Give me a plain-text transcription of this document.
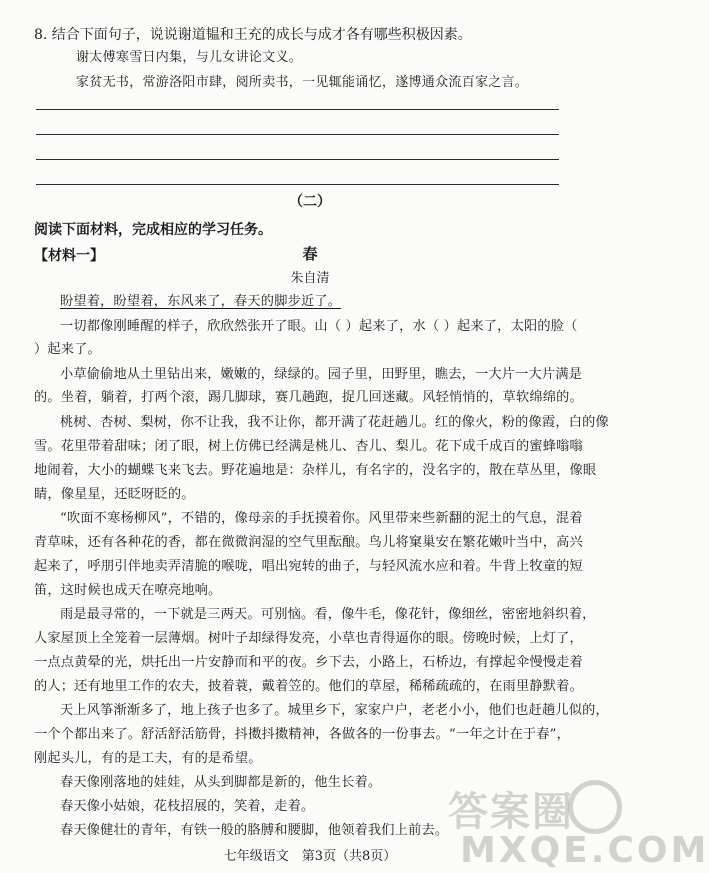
8. 结合下面句子，说说谢道韫和王充的成长与成才各有哪些积极因素。
谢太傅寒雪日内集，与儿女讲论文义。
家贫无书，常游洛阳市肆，阅所卖书，一见辄能诵忆，遂博通众流百家之言。
（二）
阅读下面材料，完成相应的学习任务。
【材料一】	春
朱自清
盼望着，盼望着，东风来了，春天的脚步近了。
一切都像刚睡醒的样子，欣欣然张开了眼。山（ ）起来了，水（ ）起来了，太阳的脸（
）起来了。
小草偷偷地从土里钻出来，嫩嫩的，绿绿的。园子里，田野里，瞧去，一大片一大片满是
的。坐着，躺着，打两个滚，踢几脚球，赛几趟跑，捉几回迷藏。风轻悄悄的，草软绵绵的。
桃树、杏树、梨树，你不让我，我不让你，都开满了花赶趟儿。红的像火，粉的像霞，白的像
雪。花里带着甜味；闭了眼，树上仿佛已经满是桃儿、杏儿、梨儿。花下成千成百的蜜蜂嗡嗡
地闹着，大小的蝴蝶飞来飞去。野花遍地是：杂样儿，有名字的，没名字的，散在草丛里，像眼
睛，像星星，还眨呀眨的。
“吹面不寒杨柳风”，不错的，像母亲的手抚摸着你。风里带来些新翻的泥土的气息，混着
青草味，还有各种花的香，都在微微润湿的空气里酝酿。鸟儿将窠巢安在繁花嫩叶当中，高兴
起来了，呼朋引伴地卖弄清脆的喉咙，唱出宛转的曲子，与轻风流水应和着。牛背上牧童的短
笛，这时候也成天在嘹亮地响。
雨是最寻常的，一下就是三两天。可别恼。看，像牛毛，像花针，像细丝，密密地斜织着，
人家屋顶上全笼着一层薄烟。树叶子却绿得发亮，小草也青得逼你的眼。傍晚时候，上灯了，
一点点黄晕的光，烘托出一片安静而和平的夜。乡下去，小路上，石桥边，有撑起伞慢慢走着
的人；还有地里工作的农夫，披着蓑，戴着笠的。他们的草屋，稀稀疏疏的，在雨里静默着。
天上风筝渐渐多了，地上孩子也多了。城里乡下，家家户户，老老小小，他们也赶趟儿似的，
一个个都出来了。舒活舒活筋骨，抖擞抖擞精神，各做各的一份事去。“一年之计在于春”，
刚起头儿，有的是工夫，有的是希望。
春天像刚落地的娃娃，从头到脚都是新的，他生长着。
春天像小姑娘，花枝招展的，笑着，走着。
春天像健壮的青年，有铁一般的胳膊和腰脚，他领着我们上前去。
七年级语文　第3页（共8页）
答案圈
MXQE.COM
